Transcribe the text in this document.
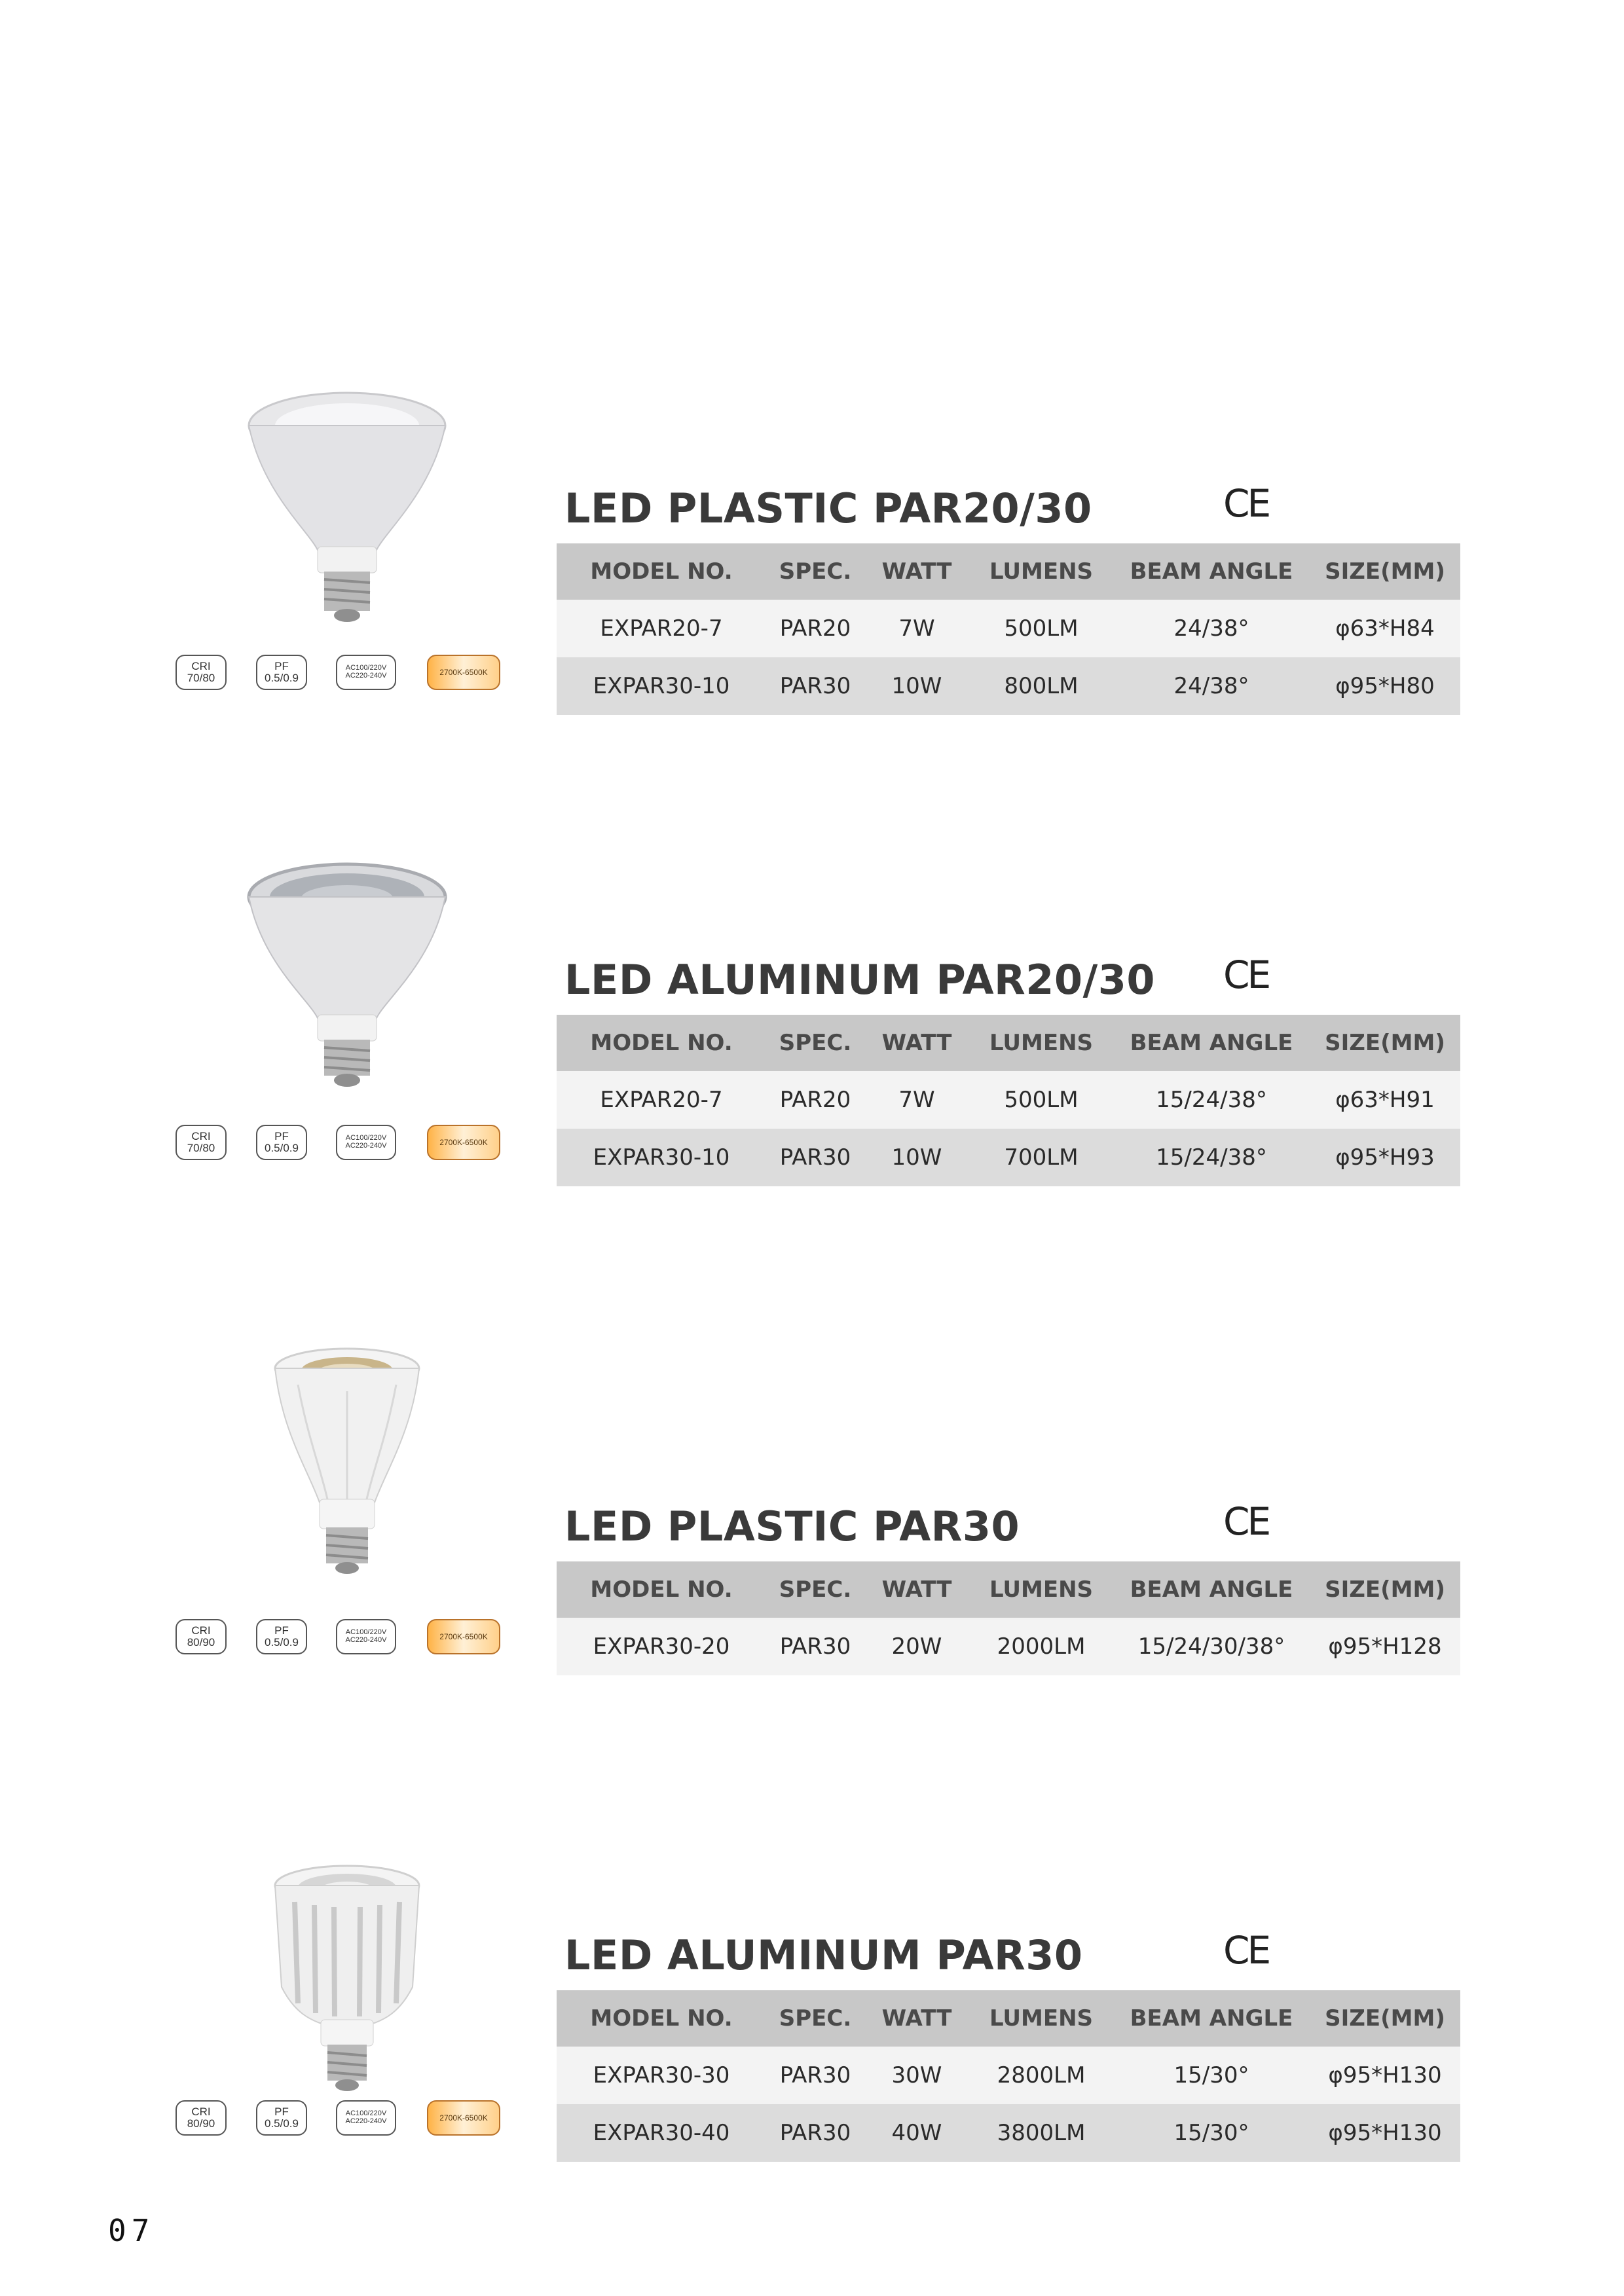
CRI
70/80
PF
0.5/0.9
AC100/220V
AC220-240V	2700K-6500K
LED PLASTIC PAR20/30	CE
MODEL NO.	SPEC.	WATT	LUMENS	BEAM ANGLE	SIZE(MM)
EXPAR20-7	PAR20	7W	500LM	24/38°	φ63*H84
EXPAR30-10	PAR30	10W	800LM	24/38°	φ95*H80
CRI
70/80
PF
0.5/0.9
AC100/220V
AC220-240V	2700K-6500K
LED ALUMINUM PAR20/30 CE
MODEL NO.	SPEC.	WATT	LUMENS	BEAM ANGLE	SIZE(MM)
EXPAR20-7	PAR20	7W	500LM	15/24/38°	φ63*H91
EXPAR30-10	PAR30	10W	700LM	15/24/38°	φ95*H93
CRI
80/90
PF
0.5/0.9
AC100/220V
AC220-240V	2700K-6500K
LED PLASTIC PAR30	CE
MODEL NO.	SPEC.	WATT	LUMENS	BEAM ANGLE	SIZE(MM)
EXPAR30-20	PAR30	20W	2000LM	15/24/30/38°	φ95*H128
CRI
80/90
PF
0.5/0.9
AC100/220V
AC220-240V	2700K-6500K
LED ALUMINUM PAR30	CE
MODEL NO.	SPEC.	WATT	LUMENS	BEAM ANGLE	SIZE(MM)
EXPAR30-30	PAR30	30W	2800LM	15/30°	φ95*H130
EXPAR30-40	PAR30	40W	3800LM	15/30°	φ95*H130
07
